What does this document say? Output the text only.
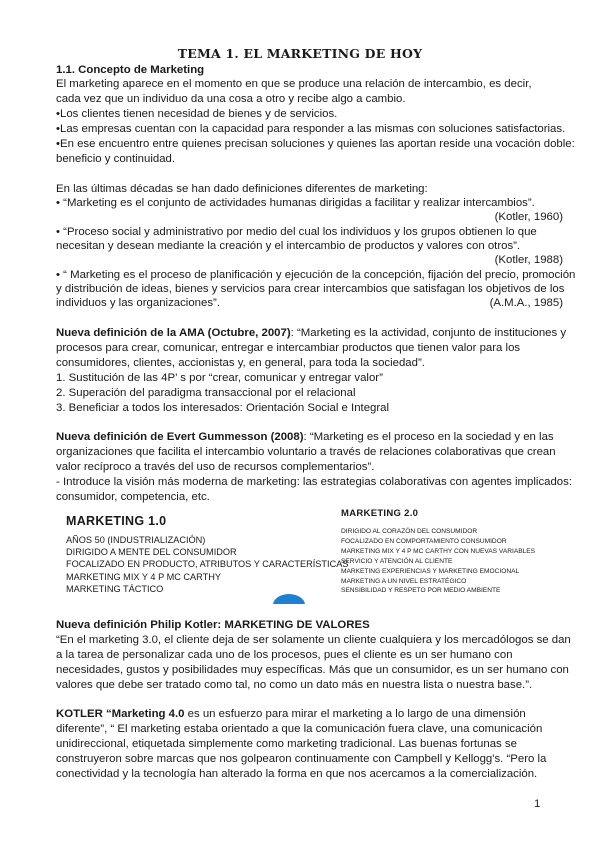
TEMA 1. EL MARKETING DE HOY
1.1. Concepto de Marketing
El marketing aparece en el momento en que se produce una relación de intercambio, es decir,
cada vez que un individuo da una cosa a otro y recibe algo a cambio.
•Los clientes tienen necesidad de bienes y de servicios.
•Las empresas cuentan con la capacidad para responder a las mismas con soluciones satisfactorias.
•En ese encuentro entre quienes precisan soluciones y quienes las aportan reside una vocación doble:
beneficio y continuidad.
En las últimas décadas se han dado definiciones diferentes de marketing:
• “Marketing es el conjunto de actividades humanas dirigidas a facilitar y realizar intercambios”.
(Kotler, 1960)
• “Proceso social y administrativo por medio del cual los individuos y los grupos obtienen lo que
necesitan y desean mediante la creación y el intercambio de productos y valores con otros”.
(Kotler, 1988)
• “ Marketing es el proceso de planificación y ejecución de la concepción, fijación del precio, promoción
y distribución de ideas, bienes y servicios para crear intercambios que satisfagan los objetivos de los
individuos y las organizaciones”.	(A.M.A., 1985)
Nueva definición de la AMA (Octubre, 2007): “Marketing es la actividad, conjunto de instituciones y
procesos para crear, comunicar, entregar e intercambiar productos que tienen valor para los
consumidores, clientes, accionistas y, en general, para toda la sociedad”.
1. Sustitución de las 4P’ s por “crear, comunicar y entregar valor”
2. Superación del paradigma transaccional por el relacional
3. Beneficiar a todos los interesados: Orientación Social e Integral
Nueva definición de Evert Gummesson (2008): “Marketing es el proceso en la sociedad y en las
organizaciones que facilita el intercambio voluntario a través de relaciones colaborativas que crean
valor recíproco a través del uso de recursos complementarios”.
- Introduce la visión más moderna de marketing: las estrategias colaborativas con agentes implicados:
consumidor, competencia, etc.
MARKETING 1.0
AÑOS 50 (INDUSTRIALIZACIÓN)
DIRIGIDO A MENTE DEL CONSUMIDOR
FOCALIZADO EN PRODUCTO, ATRIBUTOS Y CARACTERÍSTICAS
MARKETING MIX Y 4 P MC CARTHY
MARKETING TÁCTICO
MARKETING 2.0
DIRIGIDO AL CORAZÓN DEL CONSUMIDOR
FOCALIZADO EN COMPORTAMIENTO CONSUMIDOR
MARKETING MIX Y 4 P MC CARTHY CON NUEVAS VARIABLES
SERVICIO Y ATENCIÓN AL CLIENTE
MARKETING EXPERIENCIAS Y MARKETING EMOCIONAL
MARKETING A UN NIVEL ESTRATÉGICO
SENSIBILIDAD Y RESPETO POR MEDIO AMBIENTE
Nueva definición Philip Kotler: MARKETING DE VALORES
“En el marketing 3.0, el cliente deja de ser solamente un cliente cualquiera y los mercadólogos se dan
a la tarea de personalizar cada uno de los procesos, pues el cliente es un ser humano con
necesidades, gustos y posibilidades muy específicas. Más que un consumidor, es un ser humano con
valores que debe ser tratado como tal, no como un dato más en nuestra lista o nuestra base.”.
KOTLER “Marketing 4.0 es un esfuerzo para mirar el marketing a lo largo de una dimensión
diferente”, “ El marketing estaba orientado a que la comunicación fuera clave, una comunicación
unidireccional, etiquetada simplemente como marketing tradicional. Las buenas fortunas se
construyeron sobre marcas que nos golpearon continuamente con Campbell y Kellogg's. “Pero la
conectividad y la tecnología han alterado la forma en que nos acercamos a la comercialización.
1
